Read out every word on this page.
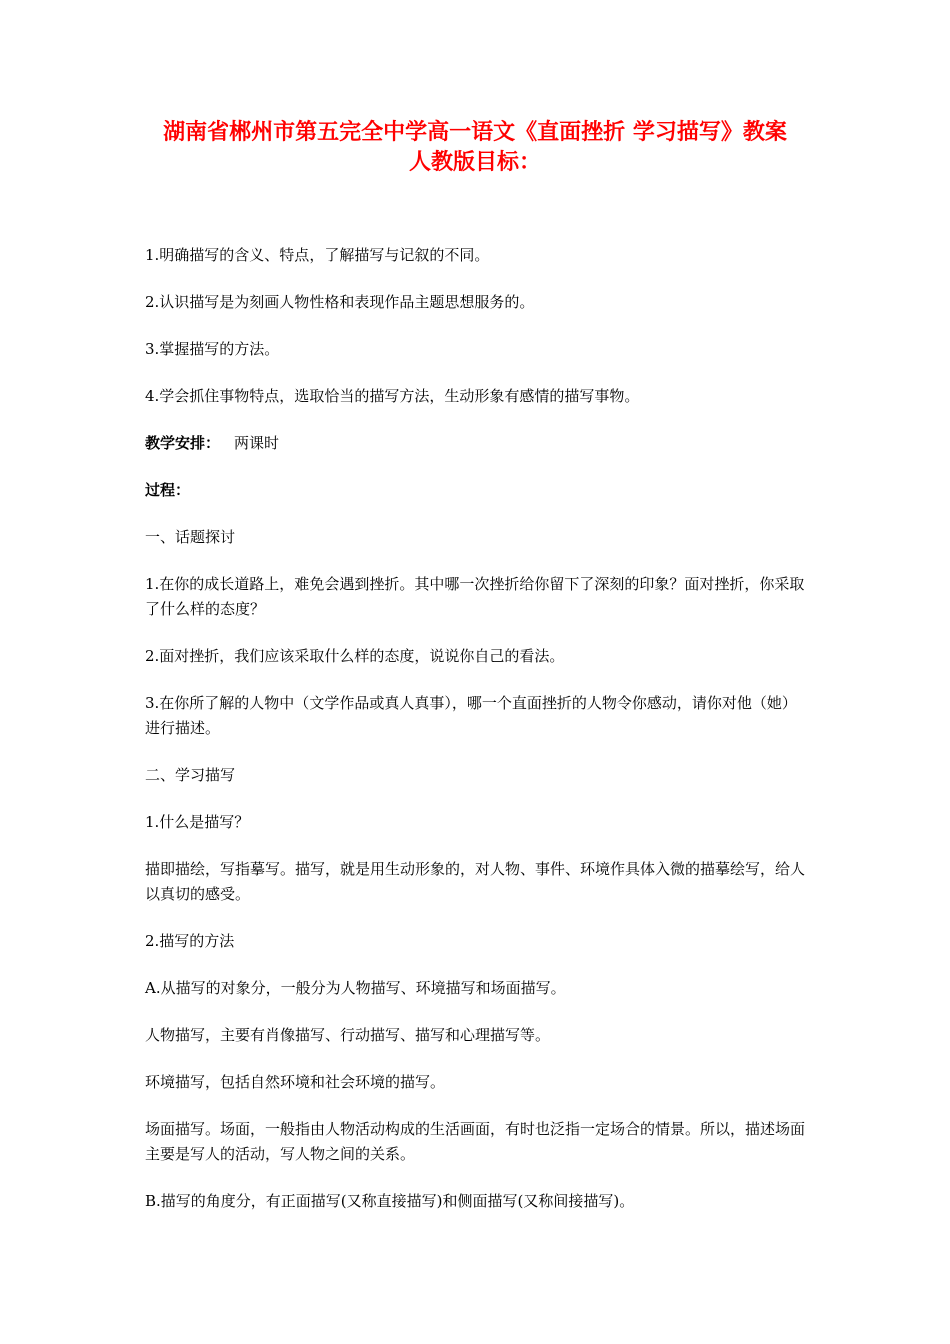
湖南省郴州市第五完全中学高一语文《直面挫折 学习描写》教案
人教版目标：

1.明确描写的含义、特点，了解描写与记叙的不同。

2.认识描写是为刻画人物性格和表现作品主题思想服务的。

3.掌握描写的方法。

4.学会抓住事物特点，选取恰当的描写方法，生动形象有感情的描写事物。

教学安排： 两课时

过程：

一、话题探讨

1.在你的成长道路上，难免会遇到挫折。其中哪一次挫折给你留下了深刻的印象？面对挫折，你采取了什么样的态度？

2.面对挫折，我们应该采取什么样的态度，说说你自己的看法。

3.在你所了解的人物中（文学作品或真人真事），哪一个直面挫折的人物令你感动，请你对他（她）进行描述。

二、学习描写

1.什么是描写？

描即描绘，写指摹写。描写，就是用生动形象的，对人物、事件、环境作具体入微的描摹绘写，给人以真切的感受。

2.描写的方法

A.从描写的对象分，一般分为人物描写、环境描写和场面描写。

人物描写，主要有肖像描写、行动描写、描写和心理描写等。

环境描写，包括自然环境和社会环境的描写。

场面描写。场面，一般指由人物活动构成的生活画面，有时也泛指一定场合的情景。所以，描述场面主要是写人的活动，写人物之间的关系。

B.描写的角度分，有正面描写(又称直接描写)和侧面描写(又称间接描写)。
